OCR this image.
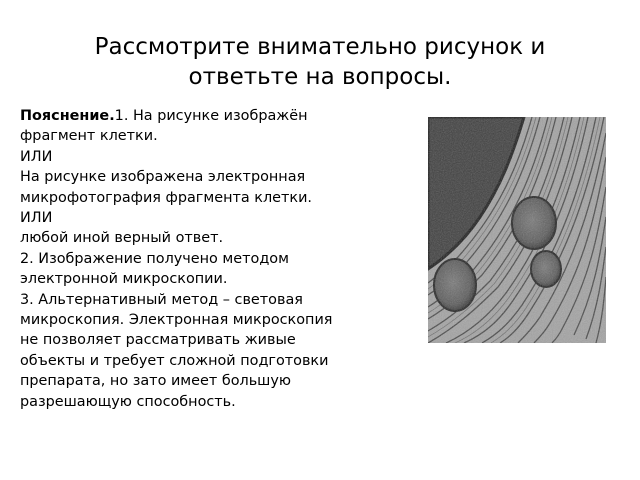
Рассмотрите внимательно рисунок и
ответьте на вопросы.
Пояснение.1. На рисунке изображён
фрагмент клетки.
ИЛИ
На рисунке изображена электронная
микрофотография фрагмента клетки.
ИЛИ
любой иной верный ответ.
2. Изображение получено методом
электронной микроскопии.
3. Альтернативный метод – световая
микроскопия. Электронная микроскопия
не позволяет рассматривать живые
объекты и требует сложной подготовки
препарата, но зато имеет большую
разрешающую способность.
